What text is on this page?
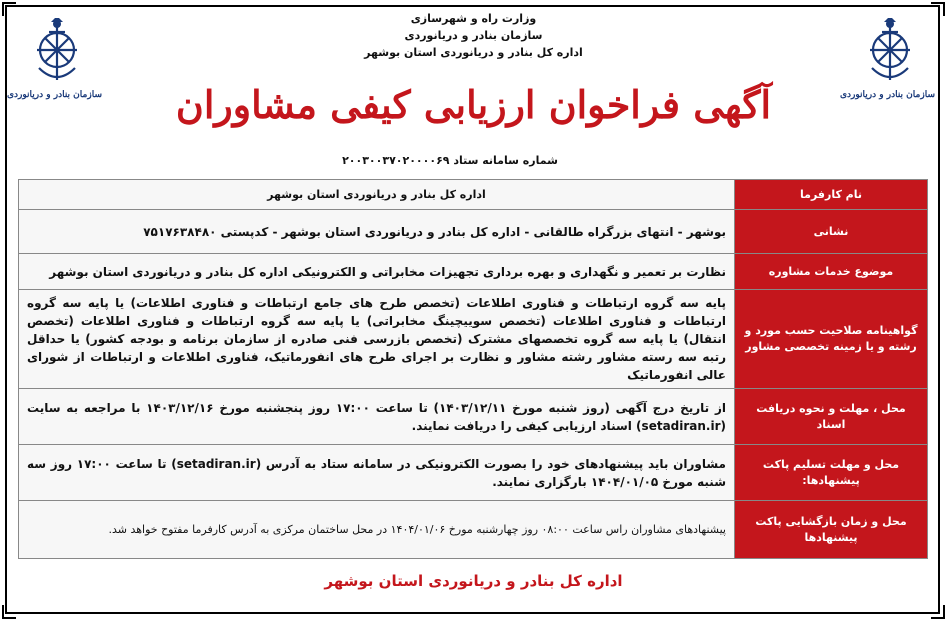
سازمان بنادر و دریانوردی	سازمان بنادر و دریانوردی
وزارت راه و شهرسازی
سازمان بنادر و دریانوردی
اداره کل بنادر و دریانوردی استان بوشهر
آگهی فراخوان ارزیابی کیفی مشاوران
شماره سامانه ستاد ۲۰۰۳۰۰۳۷۰۲۰۰۰۰۶۹
نام کارفرما	اداره کل بنادر و دریانوردی استان بوشهر
نشانی	بوشهر - انتهای بزرگراه طالقانی - اداره کل بنادر و دریانوردی استان بوشهر - کدپستی ۷۵۱۷۶۳۸۴۸۰
موضوع خدمات مشاوره	نظارت بر تعمیر و نگهداری و بهره برداری تجهیزات مخابراتی و الکترونیکی اداره کل بنادر و دریانوردی استان بوشهر
گواهینامه صلاحیت حسب مورد و رشته و یا زمینه تخصصی مشاور	پایه سه گروه ارتباطات و فناوری اطلاعات (تخصص طرح های جامع ارتباطات و فناوری اطلاعات) یا پایه سه گروه ارتباطات و فناوری اطلاعات (تخصص سوییچینگ مخابراتی) یا پایه سه گروه ارتباطات و فناوری اطلاعات (تخصص انتقال) یا پایه سه گروه تخصصهای مشترک (تخصص بازرسی فنی صادره از سازمان برنامه و بودجه کشور) یا حداقل رتبه سه رسته مشاور رشته مشاور و نظارت بر اجرای طرح های انفورماتیک، فناوری اطلاعات و ارتباطات از شورای عالی انفورماتیک
محل ، مهلت و نحوه دریافت اسناد	از تاریخ درج آگهی (روز شنبه مورخ ۱۴۰۳/۱۲/۱۱) تا ساعت ۱۷:۰۰ روز پنجشنبه مورخ ۱۴۰۳/۱۲/۱۶ با مراجعه به سایت (setadiran.ir) اسناد ارزیابی کیفی را دریافت نمایند.
محل و مهلت تسلیم پاکت پیشنهادها:	مشاوران باید پیشنهادهای خود را بصورت الکترونیکی در سامانه ستاد به آدرس (setadiran.ir) تا ساعت ۱۷:۰۰ روز سه شنبه مورخ ۱۴۰۴/۰۱/۰۵ بارگزاری نمایند.
محل و زمان بازگشایی پاکت پیشنهادها	پیشنهادهای مشاوران راس ساعت ۰۸:۰۰ روز چهارشنبه مورخ ۱۴۰۴/۰۱/۰۶ در محل ساختمان مرکزی به آدرس کارفرما مفتوح خواهد شد.
اداره کل بنادر و دریانوردی استان بوشهر
